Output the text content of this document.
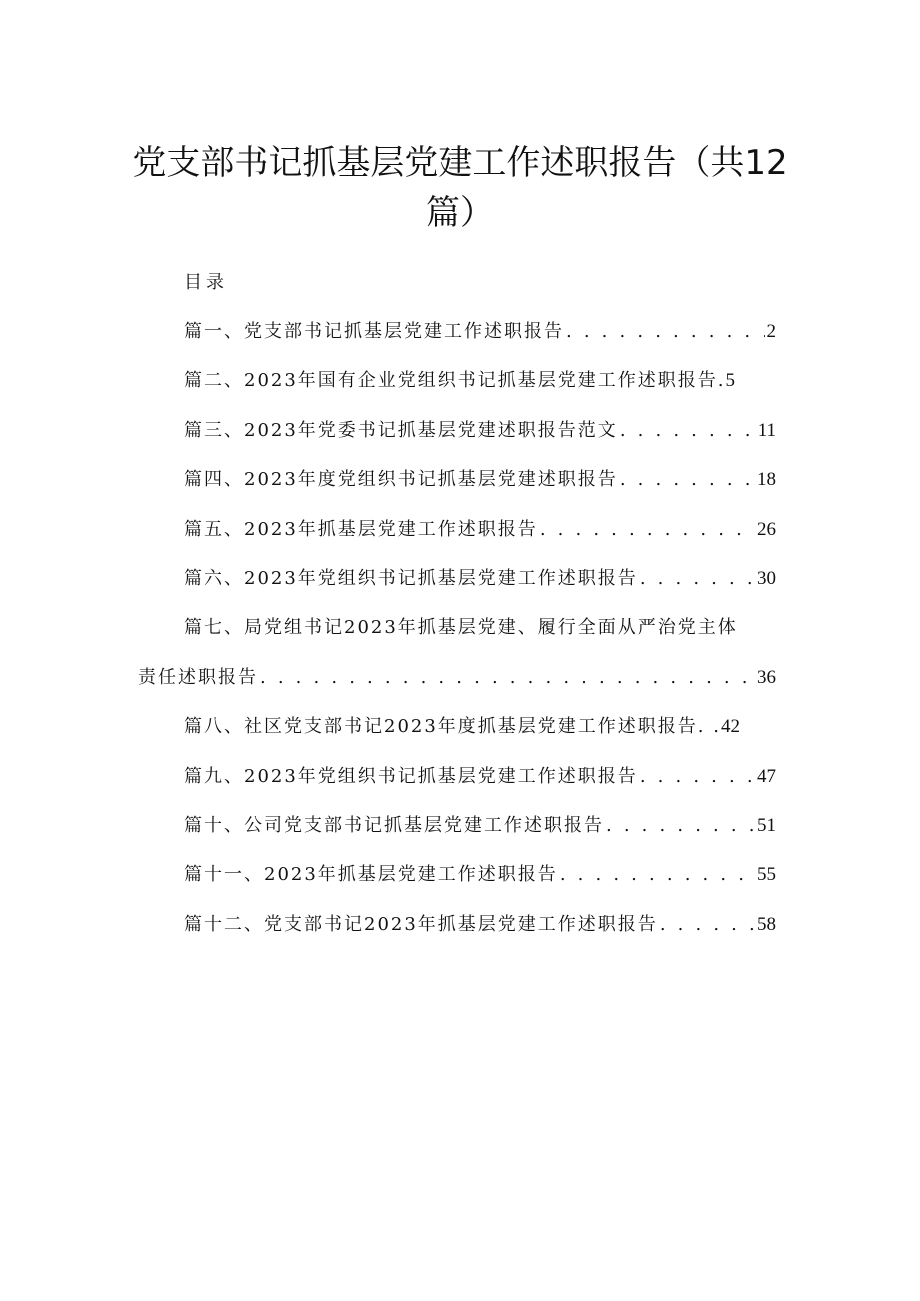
党支部书记抓基层党建工作述职报告（共12
篇）
目录
篇一、党支部书记抓基层党建工作述职报告 . . .	2
篇二、2023年国有企业党组织书记抓基层党建工作述职报告. 5
篇三、2023年党委书记抓基层党建述职报告范文 . . .	11
篇四、2023年度党组织书记抓基层党建述职报告 . . .	18
篇五、2023年抓基层党建工作述职报告 . . .	26
篇六、2023年党组织书记抓基层党建工作述职报告 . . .	30
篇七、局党组书记2023年抓基层党建、履行全面从严治党主体
责任述职报告 . . .	36
篇八、社区党支部书记2023年度抓基层党建工作述职报告. . 42
篇九、2023年党组织书记抓基层党建工作述职报告 . . .	47
篇十、公司党支部书记抓基层党建工作述职报告 . . .	51
篇十一、2023年抓基层党建工作述职报告 . . .	55
篇十二、党支部书记2023年抓基层党建工作述职报告 . . .	58
